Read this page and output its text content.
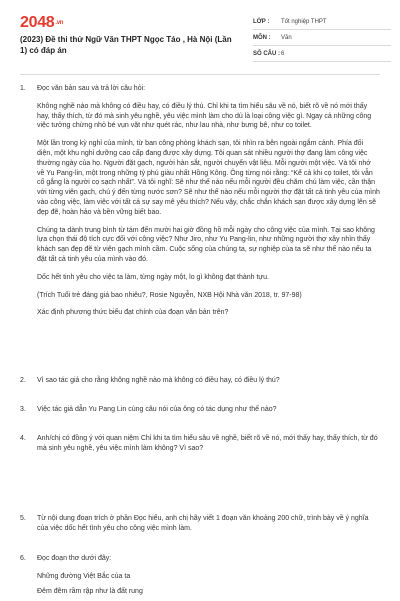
2048.vn
(2023) Đề thi thử Ngữ Văn THPT Ngọc Táo , Hà Nội (Lần 1) có đáp án
LỚP :	Tốt nghiệp THPT
MÔN :	Văn
SỐ CÂU : 6
1.	Đọc văn bản sau và trả lời câu hỏi:

Không nghề nào mà không có điều hay, có điều lý thú. Chỉ khi ta tìm hiểu sâu về nó, biết rõ về nó mới thấy hay, thấy thích, từ đó mà sinh yêu nghề, yêu việc mình làm cho dù là loại công việc gì. Ngay cả những công việc tưởng chừng nhỏ bé vụn vặt như quét rác, như lau nhà, như bưng bê, như cọ toilet.

Một lần trong kỳ nghỉ của mình, từ ban công phòng khách sạn, tôi nhìn ra bên ngoài ngắm cảnh. Phía đối diện, một khu nghỉ dưỡng cao cấp đang được xây dựng. Tôi quan sát nhiều người thợ đang làm công việc thường ngày của họ. Người đặt gạch, người hàn sắt, người chuyển vật liệu. Mỗi người một việc. Và tôi nhớ về Yu Pang-lin, một trong những tỷ phú giàu nhất Hồng Kông. Ông từng nói rằng: “Kể cả khi cọ toilet, tôi vẫn cố gắng là người cọ sạch nhất”. Và tôi nghĩ: Sẽ như thế nào nếu mỗi người đều chăm chú làm việc, cần thận với từng viên gạch, chú ý đến từng nước sơn? Sẽ như thế nào nếu mỗi người thợ đặt tất cả tinh yêu của mình vào công việc, làm việc với tất cả sự say mê yêu thích? Nếu vậy, chắc chắn khách sạn được xây dựng lên sẽ đẹp đẽ, hoàn hảo và bền vững biết bao.

Chúng ta dành trung bình từ tám đến mười hai giờ đồng hồ mỗi ngày cho công việc của mình. Tại sao không lựa chọn thái độ tích cực đối với công việc? Như Jiro, như Yu Pang-lin, như những người thợ xây nhìn thấy khách sạn đẹp đẽ từ viên gạch mình cầm. Cuộc sống của chúng ta, sự nghiệp của ta sẽ như thế nào nếu ta đặt tất cả tinh yêu của mình vào đó.

Dốc hết tinh yêu cho việc ta làm, từng ngày một, lo gì không đạt thành tựu.

(Trích Tuổi trẻ đáng giá bao nhiêu?, Rosie Nguyễn, NXB Hội Nhà văn 2018, tr. 97-98)

Xác định phương thức biểu đạt chính của đoạn văn bản trên?

2.	Vì sao tác giả cho rằng không nghề nào mà không có điều hay, có điều lý thú?

3.	Việc tác giả dẫn Yu Pang Lin cùng câu nói của ông có tác dụng như thế nào?

4.	Anh/chị có đồng ý với quan niệm Chỉ khi ta tìm hiểu sâu về nghề, biết rõ về nó, mới thấy hay, thấy thích, từ đó mà sinh yêu nghề, yêu việc mình làm không? Vì sao?

5.	Từ nội dung đoạn trích ở phần Đọc hiểu, anh chị hãy viết 1 đoạn văn khoảng 200 chữ, trình bày về ý nghĩa của việc dốc hết tình yêu cho công việc mình làm.

6.	Đọc đoạn thơ dưới đây:

Những đường Việt Bắc của ta

Đêm đêm rầm rập như là đất rung
